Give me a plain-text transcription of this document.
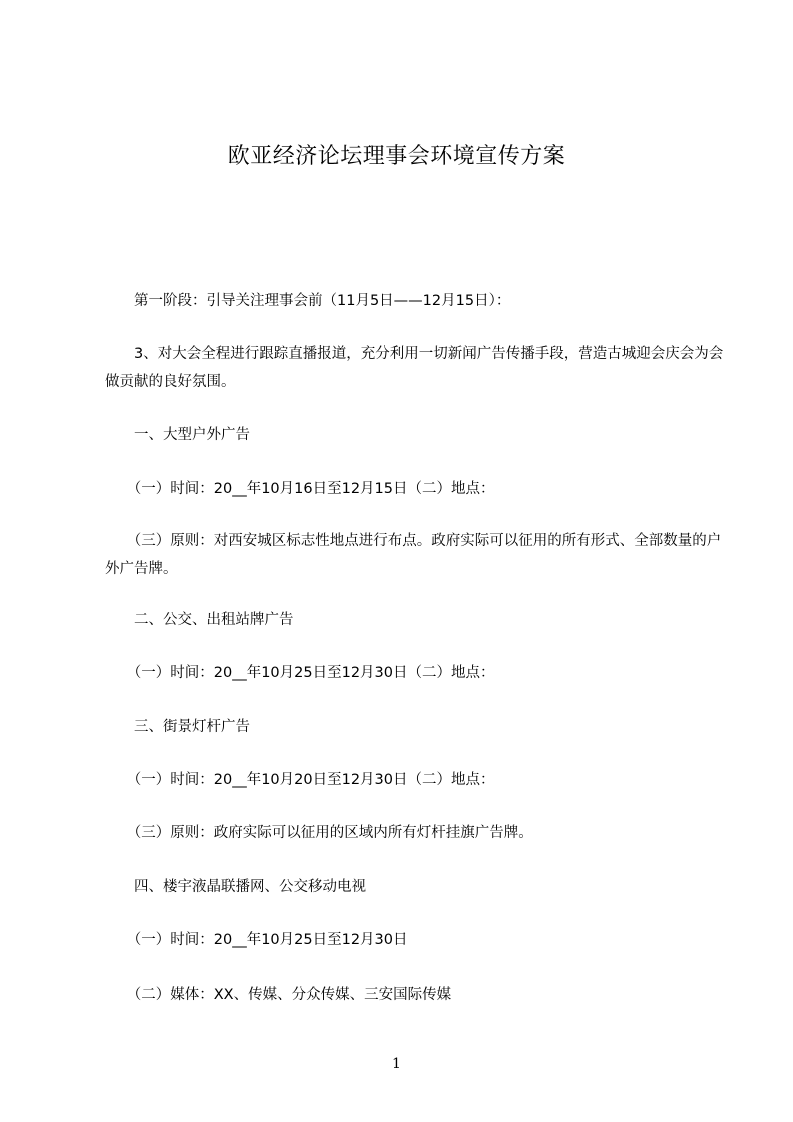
欧亚经济论坛理事会环境宣传方案
　　第一阶段：引导关注理事会前（11月5日——12月15日）：
　　3、对大会全程进行跟踪直播报道，充分利用一切新闻广告传播手段，营造古城迎会庆会为会做贡献的良好氛围。
　　一、大型户外广告
　　（一）时间：20__年10月16日至12月15日（二）地点：
　　（三）原则：对西安城区标志性地点进行布点。政府实际可以征用的所有形式、全部数量的户外广告牌。
　　二、公交、出租站牌广告
　　（一）时间：20__年10月25日至12月30日（二）地点：
　　三、街景灯杆广告
　　（一）时间：20__年10月20日至12月30日（二）地点：
　　（三）原则：政府实际可以征用的区域内所有灯杆挂旗广告牌。
　　四、楼宇液晶联播网、公交移动电视
　　（一）时间：20__年10月25日至12月30日
　　（二）媒体：XX、传媒、分众传媒、三安国际传媒
1
